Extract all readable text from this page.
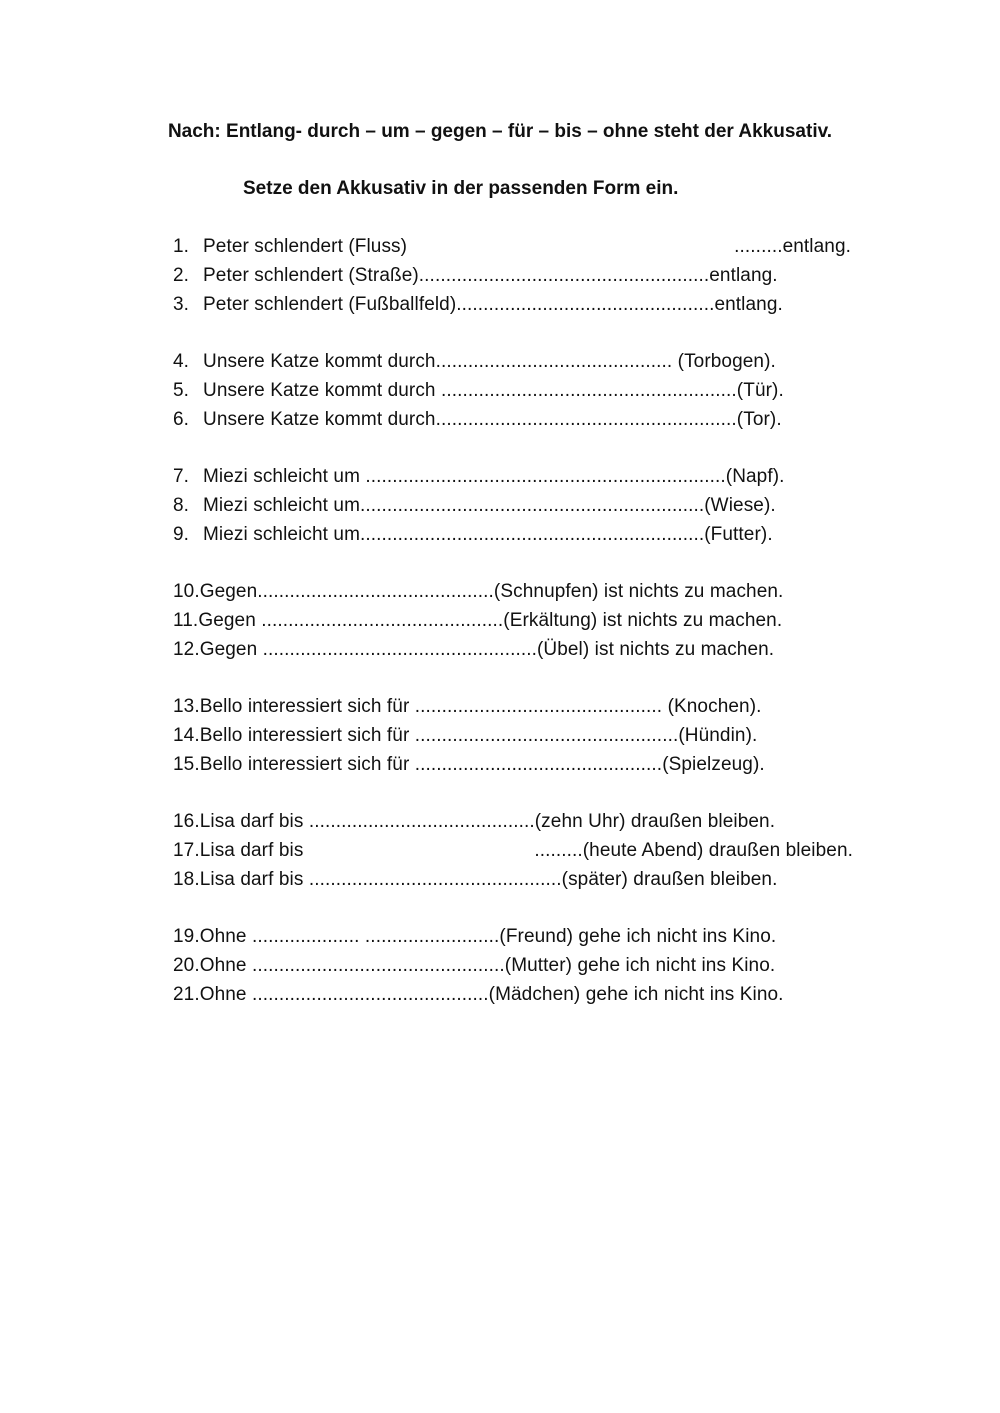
Nach: Entlang- durch – um – gegen – für – bis – ohne steht der Akkusativ.
Setze den Akkusativ in der passenden Form ein.
1. Peter schlendert (Fluss)	.........entlang.
2. Peter schlendert (Straße)......................................................entlang.
3. Peter schlendert (Fußballfeld)................................................entlang.
4. Unsere Katze kommt durch............................................ (Torbogen).
5. Unsere Katze kommt durch .......................................................(Tür).
6. Unsere Katze kommt durch........................................................(Tor).
7. Miezi schleicht um ...................................................................(Napf).
8. Miezi schleicht um................................................................(Wiese).
9. Miezi schleicht um................................................................(Futter).
10.Gegen............................................(Schnupfen) ist nichts zu machen.
11.Gegen .............................................(Erkältung) ist nichts zu machen.
12.Gegen ...................................................(Übel) ist nichts zu machen.
13.Bello interessiert sich für .............................................. (Knochen).
14.Bello interessiert sich für .................................................(Hündin).
15.Bello interessiert sich für ..............................................(Spielzeug).
16.Lisa darf bis ..........................................(zehn Uhr) draußen bleiben.
17.Lisa darf bis	.........(heute Abend) draußen bleiben.
18.Lisa darf bis ...............................................(später) draußen bleiben.
19.Ohne .................... .........................(Freund) gehe ich nicht ins Kino.
20.Ohne ...............................................(Mutter) gehe ich nicht ins Kino.
21.Ohne ............................................(Mädchen) gehe ich nicht ins Kino.
